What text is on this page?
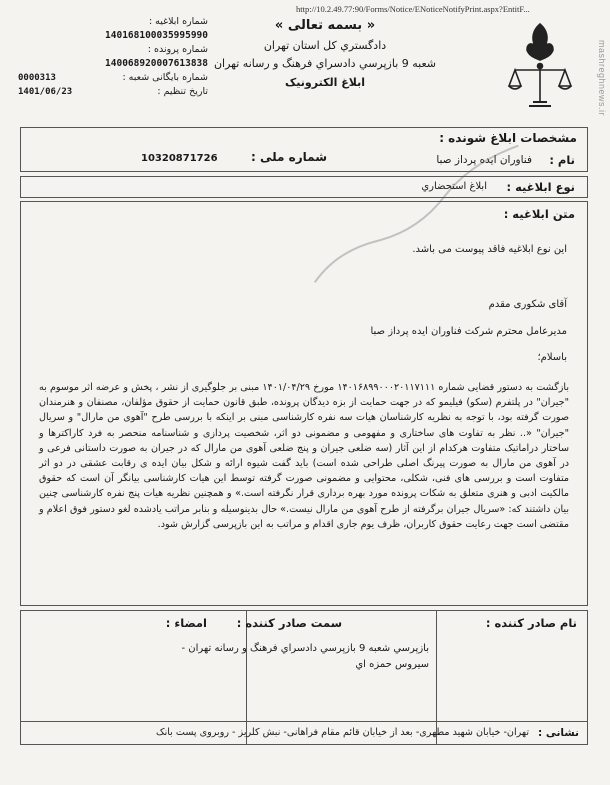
http://10.2.49.77:90/Forms/Notice/ENoticeNotifyPrint.aspx?EntitF...
mashreghnews.ir
« بسمه تعالی »
دادگستري کل استان تهران
شعبه 9 بازپرسي دادسراي فرهنگ و رسانه تهران
ابلاغ الکترونیک
شماره ابلاغیه :
140168100035995990
شماره پرونده :
140068920007613838
شماره بایگانی شعبه :
0000313
تاریخ تنظیم :
1401/06/23
مشخصات ابلاغ شونده :
نام :
فناوران ایده پرداز صبا
شماره ملی :
10320871726
نوع ابلاغیه :
ابلاغ استحضاري
متن ابلاغیه :
این نوع ابلاغیه فاقد پیوست می باشد.
آقای شکوری مقدم
مدیرعامل محترم شرکت فناوران ایده پرداز صبا
باسلام؛
بازگشت به دستور قضایی شماره ۱۴۰۱۶۸۹۹۰۰۰۲۰۱۱۷۱۱۱ مورخ ۱۴۰۱/۰۴/۲۹ مبنی بر جلوگیری از نشر ، پخش و عرضه اثر موسوم به "جیران" در پلتفرم (سکو) فیلیمو که در جهت حمایت از بزه دیدگان پرونده، طبق قانون حمایت از حقوق مؤلفان، مصنفان و هنرمندان صورت گرفته بود، با توجه به نظریه کارشناسان هیات سه نفره کارشناسی مبنی بر اینکه با بررسی طرح "آهوی من مارال" و سریال "جیران" «.. نظر به تفاوت های ساختاری و مفهومی و مضمونی دو اثر، شخصیت پردازی و شناسنامه منحصر به فرد کاراکترها و ساختار دراماتیک متفاوت هرکدام از این آثار (سه ضلعی جیران و پنج ضلعی آهوی من مارال که در جیران به صورت داستانی فرعی و در آهوی من مارال به صورت پیرنگ اصلی طراحی شده است) باید گفت شیوه ارائه و شکل بیان ایده ی رقابت عشقی در دو اثر متفاوت است و بررسی های فنی، شکلی، محتوایی و مضمونی صورت گرفته توسط این هیات کارشناسی بیانگر آن است که حقوق مالکیت ادبی و هنری متعلق به شکات پرونده مورد بهره برداری قرار نگرفته است.» و همچنین نظریه هیات پنج نفره کارشناسی چنین بیان داشتند که: «سریال جیران برگرفته از طرح آهوی من مارال نیست.» حال بدینوسیله و بنابر مراتب یادشده لغو دستور فوق اعلام و مقتضی است جهت رعایت حقوق کاربران، ظرف یوم جاری اقدام و مراتب به این بازپرسی گزارش شود.
نام صادر کننده :
سمت صادر کننده :
امضاء :
بازپرسي شعبه 9 بازپرسي دادسراي فرهنگ و رسانه تهران -
سیروس حمزه اي
نشانی :
تهران- خیابان شهید مطهری- بعد از خیابان قائم مقام فراهانی- نبش کلریز - روبروی پست بانک
